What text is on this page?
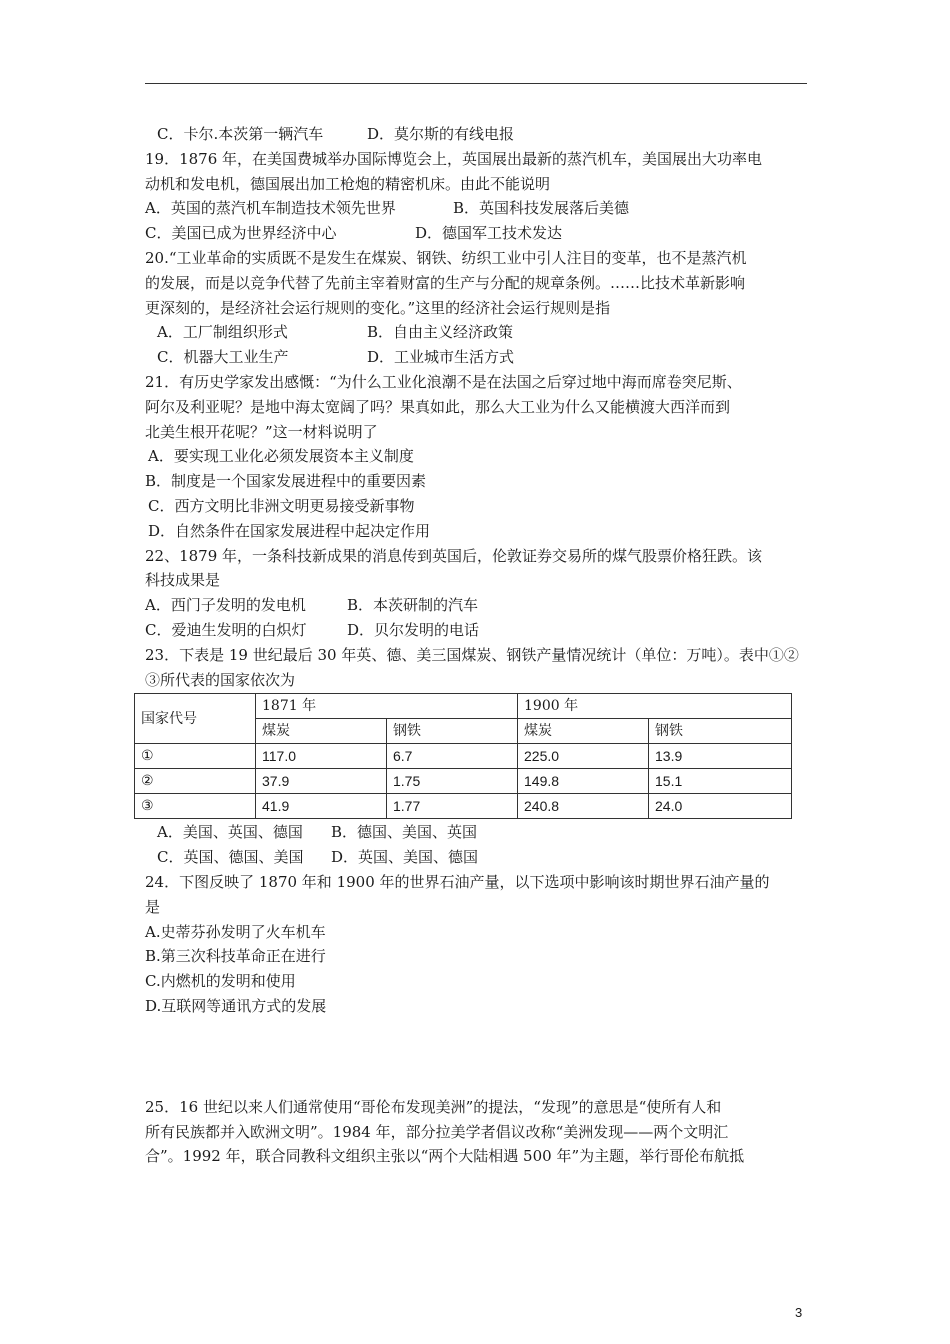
C．卡尔.本茨第一辆汽车	D．莫尔斯的有线电报
19．1876 年，在美国费城举办国际博览会上，英国展出最新的蒸汽机车，美国展出大功率电
动机和发电机，德国展出加工枪炮的精密机床。由此不能说明
A．英国的蒸汽机车制造技术领先世界	B．英国科技发展落后美德
C．美国已成为世界经济中心	D．德国军工技术发达
20.“工业革命的实质既不是发生在煤炭、钢铁、纺织工业中引人注目的变革，也不是蒸汽机
的发展，而是以竞争代替了先前主宰着财富的生产与分配的规章条例。……比技术革新影响
更深刻的，是经济社会运行规则的变化。”这里的经济社会运行规则是指
A．工厂制组织形式	B．自由主义经济政策
C．机器大工业生产	D．工业城市生活方式
21．有历史学家发出感慨：“为什么工业化浪潮不是在法国之后穿过地中海而席卷突尼斯、
阿尔及利亚呢？是地中海太宽阔了吗？果真如此，那么大工业为什么又能横渡大西洋而到
北美生根开花呢？”这一材料说明了
A．要实现工业化必须发展资本主义制度
B．制度是一个国家发展进程中的重要因素
C．西方文明比非洲文明更易接受新事物
D．自然条件在国家发展进程中起决定作用
22、1879 年，一条科技新成果的消息传到英国后，伦敦证券交易所的煤气股票价格狂跌。该
科技成果是
A．西门子发明的发电机	B．本茨研制的汽车
C．爱迪生发明的白炽灯	D．贝尔发明的电话
23．下表是 19 世纪最后 30 年英、德、美三国煤炭、钢铁产量情况统计（单位：万吨）。表中①②
③所代表的国家依次为
国家代号	1871 年		1900 年	
	煤炭	钢铁	煤炭	钢铁
①	117.0	6.7	225.0	13.9
②	37.9	1.75	149.8	15.1
③	41.9	1.77	240.8	24.0
A．美国、英国、德国 B．德国、美国、英国
C．英国、德国、美国 D．英国、美国、德国
24．下图反映了 1870 年和 1900 年的世界石油产量，以下选项中影响该时期世界石油产量的
是
A.史蒂芬孙发明了火车机车
B.第三次科技革命正在进行
C.内燃机的发明和使用
D.互联网等通讯方式的发展
25．16 世纪以来人们通常使用“哥伦布发现美洲”的提法，“发现”的意思是“使所有人和
所有民族都并入欧洲文明”。1984 年，部分拉美学者倡议改称“美洲发现——两个文明汇
合”。1992 年，联合同教科文组织主张以“两个大陆相遇 500 年”为主题，举行哥伦布航抵
3
